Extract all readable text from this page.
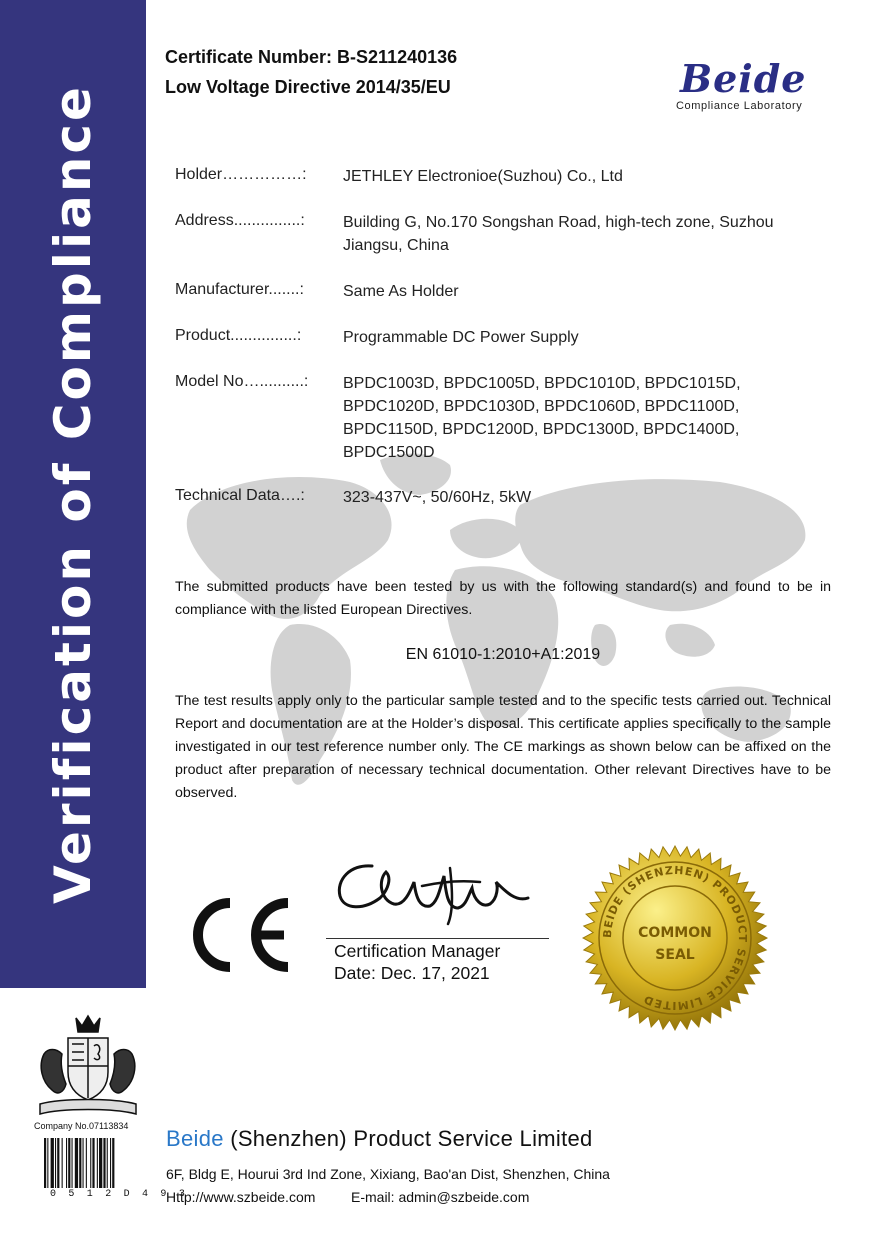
Verification of Compliance
Certificate Number: B-S211240136
Low Voltage Directive 2014/35/EU	Beide
Compliance Laboratory
Holder……………: JETHLEY Electronioe(Suzhou) Co., Ltd
Address...............: Building G, No.170 Songshan Road, high-tech zone, Suzhou
Jiangsu, China
Manufacturer.......: Same As Holder
Product...............:	Programmable DC Power Supply
Model No…..........: BPDC1003D, BPDC1005D, BPDC1010D, BPDC1015D,
BPDC1020D, BPDC1030D, BPDC1060D, BPDC1100D,
BPDC1150D, BPDC1200D, BPDC1300D, BPDC1400D,
BPDC1500D
Technical Data….: 323-437V~, 50/60Hz, 5kW
The submitted products have been tested by us with the following standard(s) and found to be in compliance with the listed European Directives.
EN 61010-1:2010+A1:2019
The test results apply only to the particular sample tested and to the specific tests carried out. Technical Report and documentation are at the Holder’s disposal. This certificate applies specifically to the sample investigated in our test reference number only. The CE markings as shown below can be affixed on the product after preparation of necessary technical documentation. Other relevant Directives have to be observed.
Certification Manager
Date: Dec. 17, 2021
BEIDE (SHENZHEN) PRODUCT SERVICE LIMITED
COMMON
SEAL
Company No.07113834
0 5 1 2 D 4 9 3
Beide (Shenzhen) Product Service Limited
6F, Bldg E, Hourui 3rd Ind Zone, Xixiang, Bao'an Dist, Shenzhen, China
Http://www.szbeide.com	E-mail: admin@szbeide.com
